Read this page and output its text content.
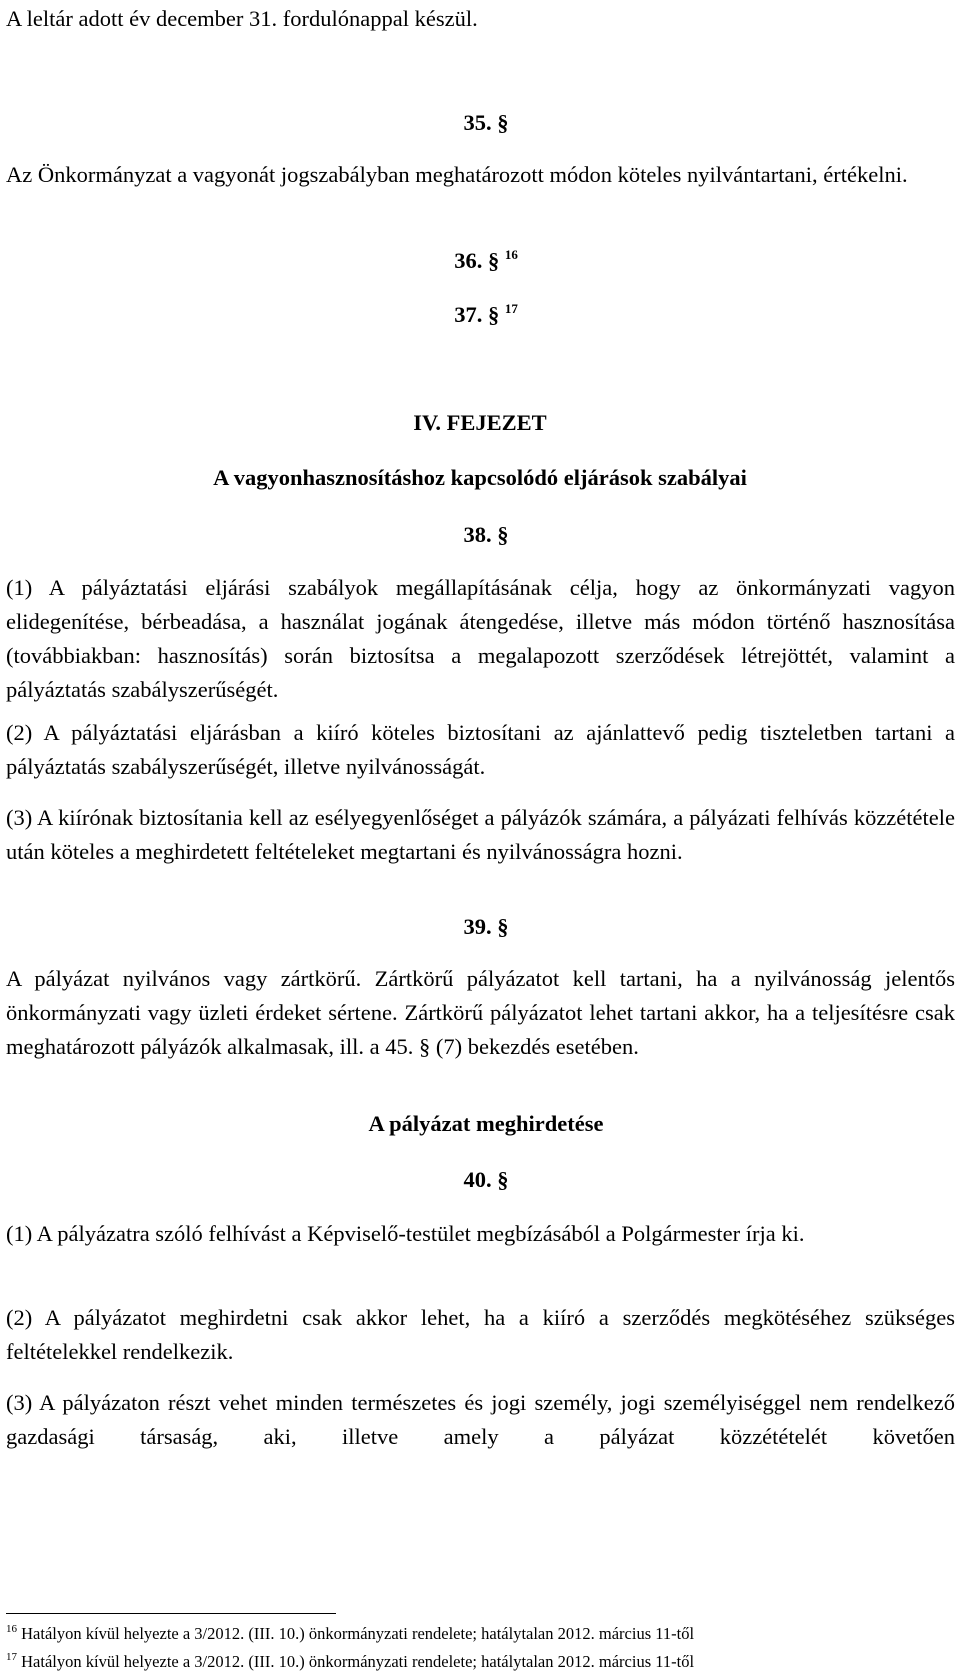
A leltár adott év december 31. fordulónappal készül.

35. §

Az Önkormányzat a vagyonát jogszabályban meghatározott módon köteles nyilvántartani, értékelni.

36. § $^{16}$

37. § $^{17}$

IV. FEJEZET

A vagyonhasznosításhoz kapcsolódó eljárások szabályai

38. §

(1) A pályáztatási eljárási szabályok megállapításának célja, hogy az önkormányzati vagyon elidegenítése, bérbeadása, a használat jogának átengedése, illetve más módon történő hasznosítása (továbbiakban: hasznosítás) során biztosítsa a megalapozott szerződések létrejöttét, valamint a pályáztatás szabályszerűségét.

(2) A pályáztatási eljárásban a kiíró köteles biztosítani az ajánlattevő pedig tiszteletben tartani a pályáztatás szabályszerűségét, illetve nyilvánosságát.

(3) A kiírónak biztosítania kell az esélyegyenlőséget a pályázók számára, a pályázati felhívás közzététele után köteles a meghirdetett feltételeket megtartani és nyilvánosságra hozni.

39. §

A pályázat nyilvános vagy zártkörű. Zártkörű pályázatot kell tartani, ha a nyilvánosság jelentős önkormányzati vagy üzleti érdeket sértene. Zártkörű pályázatot lehet tartani akkor, ha a teljesítésre csak meghatározott pályázók alkalmasak, ill. a 45. § (7) bekezdés esetében.

A pályázat meghirdetése

40. §

(1) A pályázatra szóló felhívást a Képviselő-testület megbízásából a Polgármester írja ki.

(2) A pályázatot meghirdetni csak akkor lehet, ha a kiíró a szerződés megkötéséhez szükséges feltételekkel rendelkezik.

(3) A pályázaton részt vehet minden természetes és jogi személy, jogi személyiséggel nem rendelkező gazdasági társaság, aki, illetve amely a pályázat közzétételét követően

$^{16}$ Hatályon kívül helyezte a 3/2012. (III. 10.) önkormányzati rendelete; hatálytalan 2012. március 11-től
$^{17}$ Hatályon kívül helyezte a 3/2012. (III. 10.) önkormányzati rendelete; hatálytalan 2012. március 11-től
